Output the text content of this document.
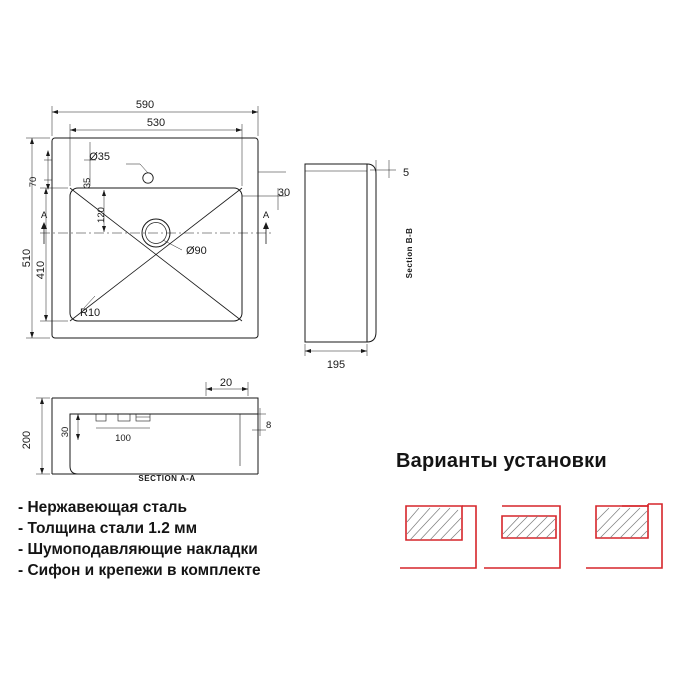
590
530
510
410
70	35
120
30
Ø35
Ø90
R10
A	A
5
195
Section B-B
200	30
100
20
8
SECTION A-A
Варианты установки
- Нержавеющая сталь
- Толщина стали 1.2 мм
- Шумоподавляющие накладки
- Сифон и крепежи в комплекте
